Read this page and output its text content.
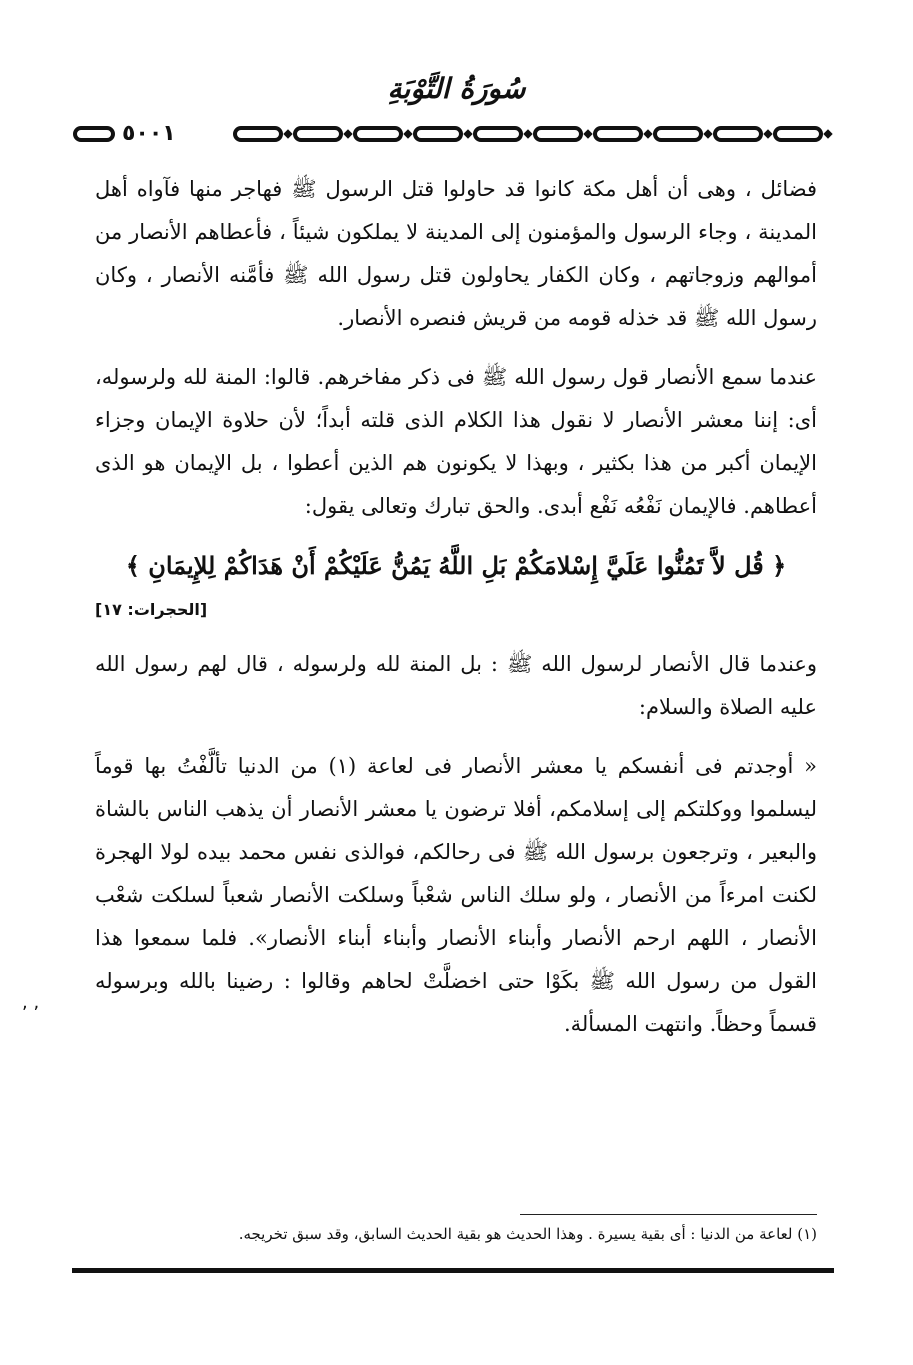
سُورَةُ التَّوْبَةِ
٥٠٠١

فضائل ، وهى أن أهل مكة كانوا قد حاولوا قتل الرسول ﷺ فهاجر منها فآواه أهل المدينة ، وجاء الرسول والمؤمنون إلى المدينة لا يملكون شيئاً ، فأعطاهم الأنصار من أموالهم وزوجاتهم ، وكان الكفار يحاولون قتل رسول الله ﷺ فأمَّنه الأنصار ، وكان رسول الله ﷺ قد خذله قومه من قريش فنصره الأنصار.

عندما سمع الأنصار قول رسول الله ﷺ فى ذكر مفاخرهم. قالوا: المنة لله ولرسوله، أى: إننا معشر الأنصار لا نقول هذا الكلام الذى قلته أبداً؛ لأن حلاوة الإيمان وجزاء الإيمان أكبر من هذا بكثير ، وبهذا لا يكونون هم الذين أعطوا ، بل الإيمان هو الذى أعطاهم. فالإيمان نَفْعُه نَفْع أبدى. والحق تبارك وتعالى يقول:

﴿ قُل لاَّ تَمُنُّوا عَلَيَّ إِسْلامَكُمْ بَلِ اللَّهُ يَمُنُّ عَلَيْكُمْ أَنْ هَدَاكُمْ لِلإِيمَانِ ﴾

[الحجرات: ١٧]

وعندما قال الأنصار لرسول الله ﷺ : بل المنة لله ولرسوله ، قال لهم رسول الله عليه الصلاة والسلام:

« أوجدتم فى أنفسكم يا معشر الأنصار فى لعاعة (١) من الدنيا تألَّفْتُ بها قوماً ليسلموا ووكلتكم إلى إسلامكم، أفلا ترضون يا معشر الأنصار أن يذهب الناس بالشاة والبعير ، وترجعون برسول الله ﷺ فى رحالكم، فوالذى نفس محمد بيده لولا الهجرة لكنت امرءاً من الأنصار ، ولو سلك الناس شعْباً وسلكت الأنصار شعباً لسلكت شعْب الأنصار ، اللهم ارحم الأنصار وأبناء الأنصار وأبناء أبناء الأنصار». فلما سمعوا هذا القول من رسول الله ﷺ بكَوْا حتى اخضلَّتْ لحاهم وقالوا : رضينا بالله وبرسوله قسماً وحظاً. وانتهت المسألة.

, ,
(١) لعاعة من الدنيا : أى بقية يسيرة . وهذا الحديث هو بقية الحديث السابق، وقد سبق تخريجه.
